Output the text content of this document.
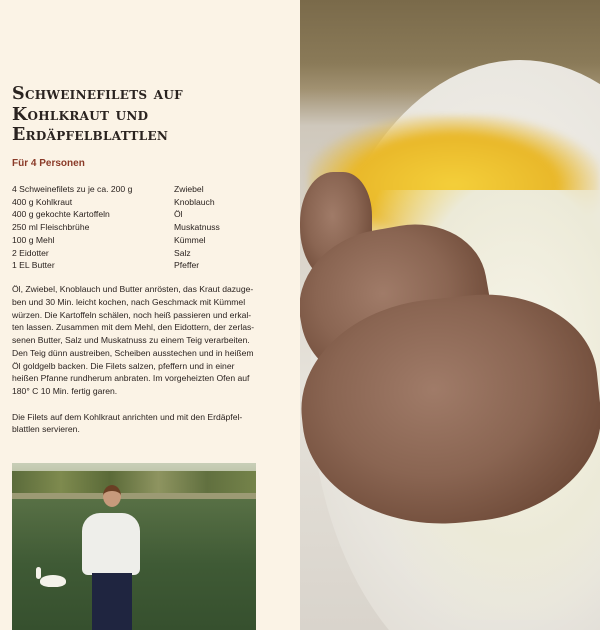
Schweinefilets auf
Kohlkraut und
Erdäpfelblattlen

Für 4 Personen

4 Schweinefilets zu je ca. 200 g
400 g Kohlkraut
400 g gekochte Kartoffeln
250 ml Fleischbrühe
100 g Mehl
2 Eidotter
1 EL Butter
Zwiebel
Knoblauch
Öl
Muskatnuss
Kümmel
Salz
Pfeffer

Öl, Zwiebel, Knoblauch und Butter anrösten, das Kraut dazuge-
ben und 30 Min. leicht kochen, nach Geschmack mit Kümmel
würzen. Die Kartoffeln schälen, noch heiß passieren und erkal-
ten lassen. Zusammen mit dem Mehl, den Eidottern, der zerlas-
senen Butter, Salz und Muskatnuss zu einem Teig verarbeiten.
Den Teig dünn austreiben, Scheiben ausstechen und in heißem
Öl goldgelb backen. Die Filets salzen, pfeffern und in einer
heißen Pfanne rundherum anbraten. Im vorgeheizten Ofen auf
180° C 10 Min. fertig garen.

Die Filets auf dem Kohlkraut anrichten und mit den Erdäpfel-
blattlen servieren.
